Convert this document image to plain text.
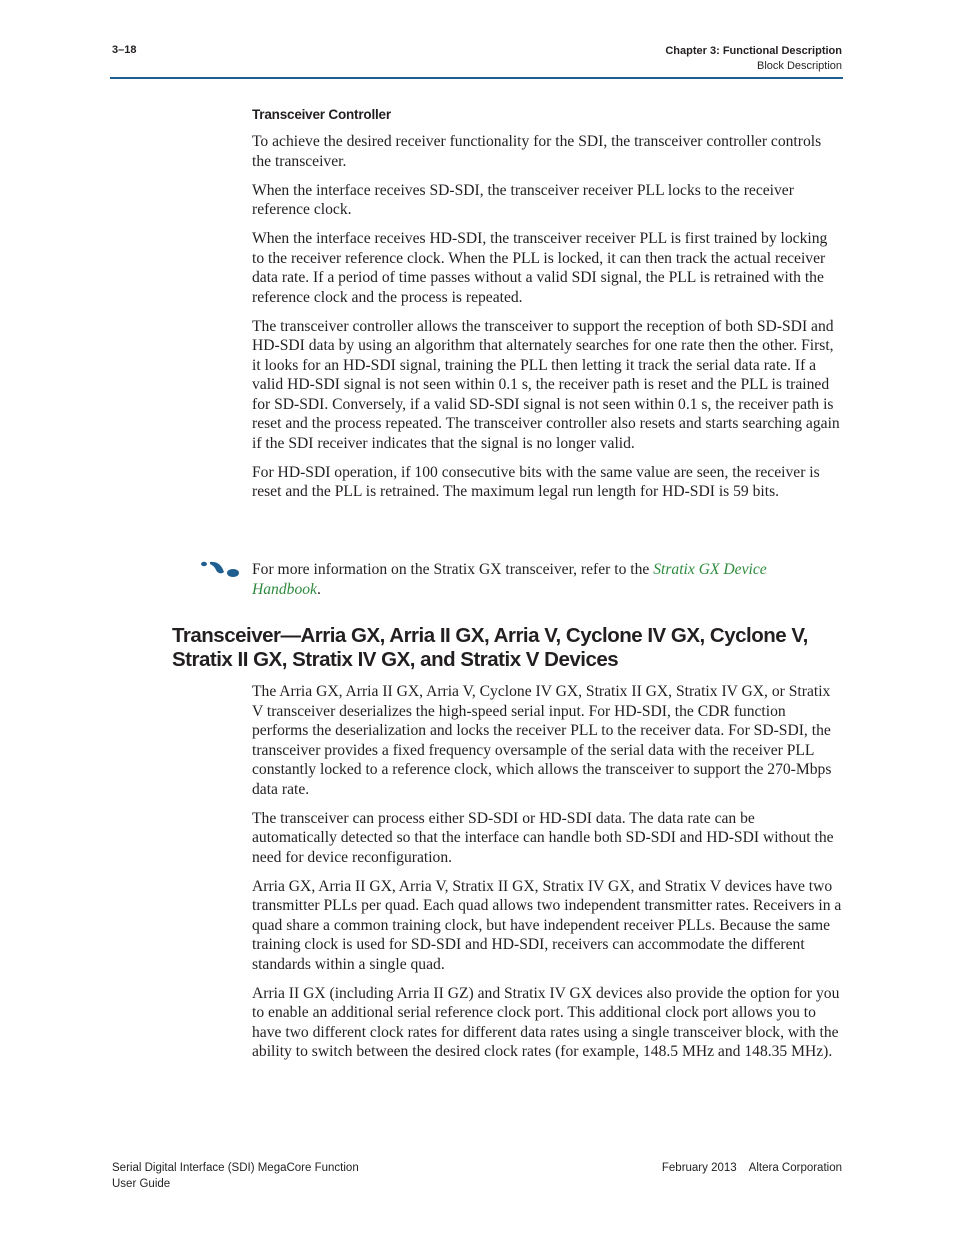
3–18	Chapter 3: Functional Description
Block Description
Transceiver Controller

To achieve the desired receiver functionality for the SDI, the transceiver controller controls the transceiver.

When the interface receives SD-SDI, the transceiver receiver PLL locks to the receiver reference clock.

When the interface receives HD-SDI, the transceiver receiver PLL is first trained by locking to the receiver reference clock. When the PLL is locked, it can then track the actual receiver data rate. If a period of time passes without a valid SDI signal, the PLL is retrained with the reference clock and the process is repeated.

The transceiver controller allows the transceiver to support the reception of both SD-SDI and HD-SDI data by using an algorithm that alternately searches for one rate then the other. First, it looks for an HD-SDI signal, training the PLL then letting it track the serial data rate. If a valid HD-SDI signal is not seen within 0.1 s, the receiver path is reset and the PLL is trained for SD-SDI. Conversely, if a valid SD-SDI signal is not seen within 0.1 s, the receiver path is reset and the process repeated. The transceiver controller also resets and starts searching again if the SDI receiver indicates that the signal is no longer valid.

For HD-SDI operation, if 100 consecutive bits with the same value are seen, the receiver is reset and the PLL is retrained. The maximum legal run length for HD-SDI is 59 bits.

For more information on the Stratix GX transceiver, refer to the Stratix GX Device Handbook.
Transceiver—Arria GX, Arria II GX, Arria V, Cyclone IV GX, Cyclone V, Stratix II GX, Stratix IV GX, and Stratix V Devices

The Arria GX, Arria II GX, Arria V, Cyclone IV GX, Stratix II GX, Stratix IV GX, or Stratix V transceiver deserializes the high-speed serial input. For HD-SDI, the CDR function performs the deserialization and locks the receiver PLL to the receiver data. For SD-SDI, the transceiver provides a fixed frequency oversample of the serial data with the receiver PLL constantly locked to a reference clock, which allows the transceiver to support the 270-Mbps data rate.

The transceiver can process either SD-SDI or HD-SDI data. The data rate can be automatically detected so that the interface can handle both SD-SDI and HD-SDI without the need for device reconfiguration.

Arria GX, Arria II GX, Arria V, Stratix II GX, Stratix IV GX, and Stratix V devices have two transmitter PLLs per quad. Each quad allows two independent transmitter rates. Receivers in a quad share a common training clock, but have independent receiver PLLs. Because the same training clock is used for SD-SDI and HD-SDI, receivers can accommodate the different standards within a single quad.

Arria II GX (including Arria II GZ) and Stratix IV GX devices also provide the option for you to enable an additional serial reference clock port. This additional clock port allows you to have two different clock rates for different data rates using a single transceiver block, with the ability to switch between the desired clock rates (for example, 148.5 MHz and 148.35 MHz).

Serial Digital Interface (SDI) MegaCore Function
User Guide
February 2013 Altera Corporation
